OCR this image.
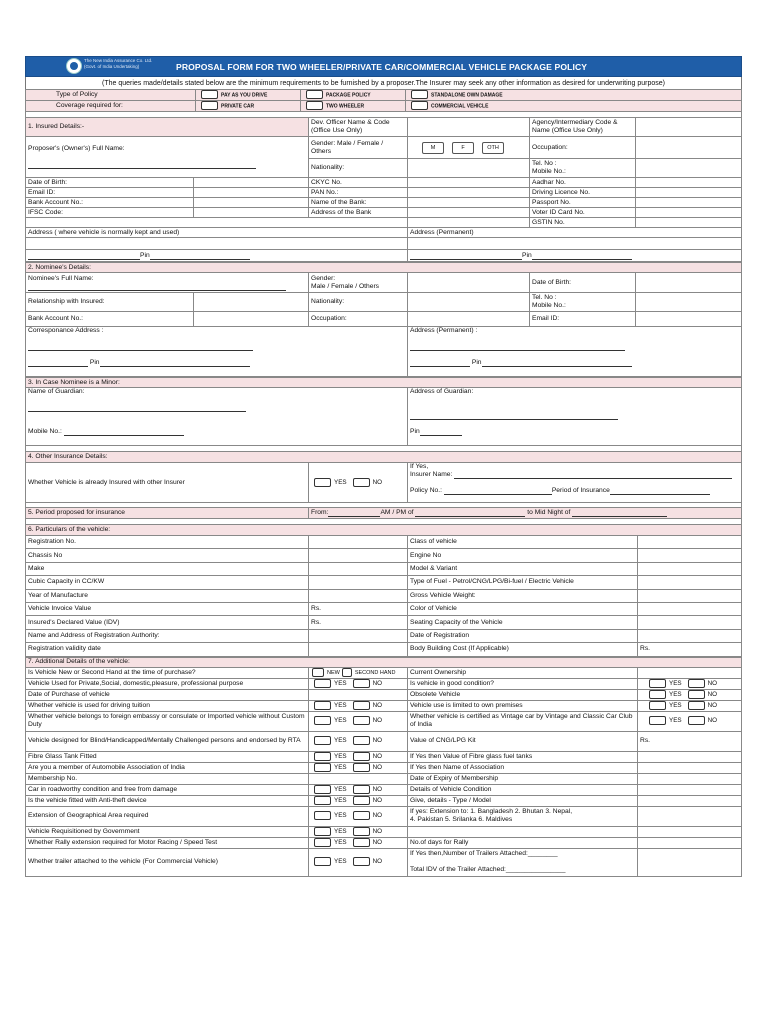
The New India Assurance Co. Ltd.
(Govt. of India Undertaking)	PROPOSAL FORM FOR TWO WHEELER/PRIVATE CAR/COMMERCIAL VEHICLE PACKAGE POLICY
(The queries made/details stated below are the minimum requirements to be furnished by a proposer.The Insurer may seek any other information as desired for underwriting purpose)
Type of Policy	PAY AS YOU DRIVE	PACKAGE POLICY	STANDALONE OWN DAMAGE
Coverage required for:	PRIVATE CAR	TWO WHEELER	COMMERCIAL VEHICLE
1. Insured Details:-		Dev. Officer Name & Code (Office Use Only)		Agency/Intermediary Code & Name (Office Use Only)	
Proposer's (Owner's) Full Name:		Gender: Male / Female / Others	M F OTH	Occupation:	
		Nationality:		Tel. No :
Mobile No.:	
Date of Birth:		CKYC No.		Aadhar No.	
Email ID:		PAN No.:		Driving Licence No.	
Bank Account No.:		Name of the Bank:		Passport No.	
IFSC Code:		Address of the Bank		Voter ID Card No.	
				GSTIN No.	
Address ( where vehicle is normally kept and used)			Address (Permanent)		

Pin			Pin		
2. Nominee's Details:					
Nominee's Full Name:		Gender:
Male / Female / Others		Date of Birth:	
Relationship with Insured:		Nationality:		Tel. No :
Mobile No.:	
Bank Account No.:		Occupation:		Email ID:	
Corresponance Address :

Pin			Address (Permanent) :

Pin		
3. In Case Nominee is a Minor:
Name of Guardian:

Mobile No.:	Address of Guardian:

Pin
4. Other Insurance Details:
Whether Vehicle is already Insured with other Insurer	YES	NO	If Yes,
Insurer Name:

Policy No.:	Period of Insurance
5. Period proposed for insurance	From:	AM / PM of	to Mid Night of
6. Particulars of the vehicle:			
Registration No.		Class of vehicle	
Chassis No		Engine No	
Make		Model & Variant	
Cubic Capacity in CC/KW		Type of Fuel - Petrol/CNG/LPG/Bi-fuel / Electric Vehicle	
Year of Manufacture		Gross Vehicle Weight:	
Vehicle Invoice Value	Rs.	Color of Vehicle	
Insured's Declared Value (IDV)	Rs.	Seating Capacity of the Vehicle	
Name and Address of Registration Authority:		Date of Registration	
Registration validity date		Body Building Cost (If Applicable)	Rs.
7. Additional Details of the vehicle:			
Is Vehicle New or Second Hand at the time of purchase?	NEW SECOND HAND	Current Ownership	
Vehicle Used for Private,Social, domestic,pleasure, professional purpose	YES NO	Is vehicle in good condition?	YES NO
Date of Purchase of vehicle		Obsolete Vehicle	YES NO
Whether vehicle is used for driving tuition	YES NO	Vehicle use is limited to own premises	YES NO
Whether vehicle belongs to foreign embassy or consulate or Imported vehicle without Custom Duty	YES NO	Whether vehicle is certified as Vintage car by Vintage and Classic Car Club of India	YES NO
Vehicle designed for Blind/Handicapped/Mentally Challenged persons and endorsed by RTA	YES NO	Value of CNG/LPG Kit	Rs.
Fibre Glass Tank Fitted	YES NO	If Yes then Value of Fibre glass fuel tanks	
Are you a member of Automobile Association of India	YES NO	If Yes then Name of Association	
Membership No.		Date of Expiry of Membership	
Car in roadworthy condition and free from damage	YES NO	Details of Vehicle Condition	
Is the vehicle fitted with Anti-theft device	YES NO	Give, details - Type / Model	
Extension of Geographical Area required	YES NO	If yes: Extension to: 1. Bangladesh 2. Bhutan 3. Nepal,
4. Pakistan 5. Srilanka 6. Maldives	
Vehicle Requisitioned by Government	YES NO		
Whether Rally extension required for Motor Racing / Speed Test	YES NO	No.of days for Rally	
Whether trailer attached to the vehicle (For Commercial Vehicle)	YES NO	If Yes then,Number of Trailers Attached:________

Total IDV of the Trailer Attached:________________	
